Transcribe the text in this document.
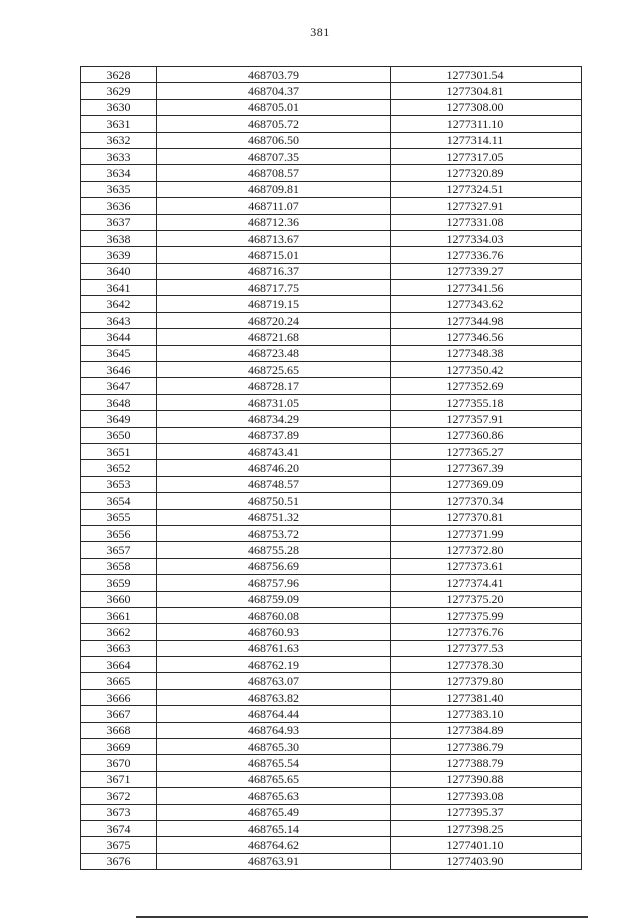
381
3628	468703.79	1277301.54
3629	468704.37	1277304.81
3630	468705.01	1277308.00
3631	468705.72	1277311.10
3632	468706.50	1277314.11
3633	468707.35	1277317.05
3634	468708.57	1277320.89
3635	468709.81	1277324.51
3636	468711.07	1277327.91
3637	468712.36	1277331.08
3638	468713.67	1277334.03
3639	468715.01	1277336.76
3640	468716.37	1277339.27
3641	468717.75	1277341.56
3642	468719.15	1277343.62
3643	468720.24	1277344.98
3644	468721.68	1277346.56
3645	468723.48	1277348.38
3646	468725.65	1277350.42
3647	468728.17	1277352.69
3648	468731.05	1277355.18
3649	468734.29	1277357.91
3650	468737.89	1277360.86
3651	468743.41	1277365.27
3652	468746.20	1277367.39
3653	468748.57	1277369.09
3654	468750.51	1277370.34
3655	468751.32	1277370.81
3656	468753.72	1277371.99
3657	468755.28	1277372.80
3658	468756.69	1277373.61
3659	468757.96	1277374.41
3660	468759.09	1277375.20
3661	468760.08	1277375.99
3662	468760.93	1277376.76
3663	468761.63	1277377.53
3664	468762.19	1277378.30
3665	468763.07	1277379.80
3666	468763.82	1277381.40
3667	468764.44	1277383.10
3668	468764.93	1277384.89
3669	468765.30	1277386.79
3670	468765.54	1277388.79
3671	468765.65	1277390.88
3672	468765.63	1277393.08
3673	468765.49	1277395.37
3674	468765.14	1277398.25
3675	468764.62	1277401.10
3676	468763.91	1277403.90
